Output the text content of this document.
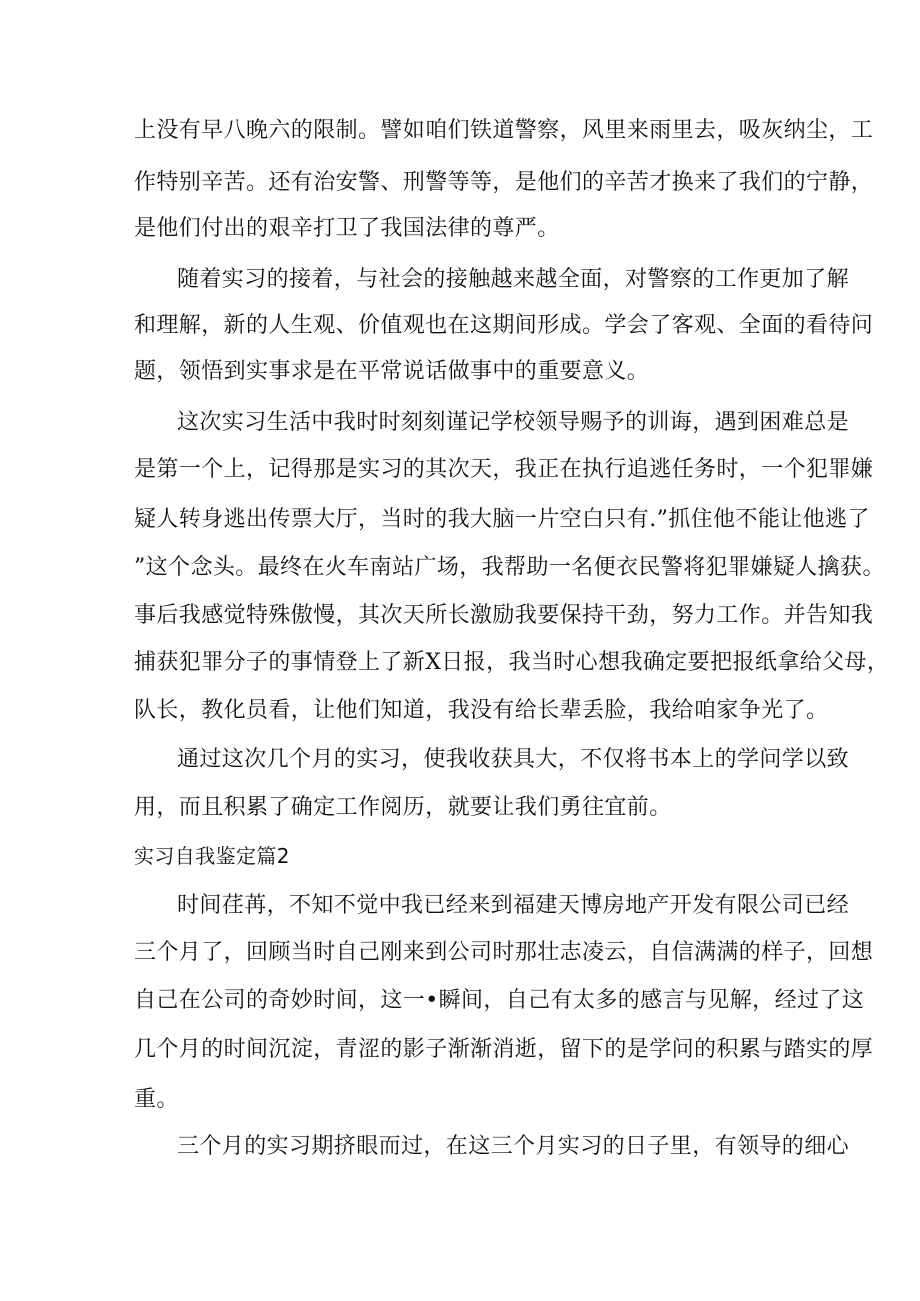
上没有早八晚六的限制。譬如咱们铁道警察，风里来雨里去，吸灰纳尘，工
作特别辛苦。还有治安警、刑警等等，是他们的辛苦才换来了我们的宁静，
是他们付出的艰辛打卫了我国法律的尊严。
随着实习的接着，与社会的接触越来越全面，对警察的工作更加了解
和理解，新的人生观、价值观也在这期间形成。学会了客观、全面的看待问
题，领悟到实事求是在平常说话做事中的重要意义。
这次实习生活中我时时刻刻谨记学校领导赐予的训诲，遇到困难总是
是第一个上，记得那是实习的其次天，我正在执行追逃任务时，一个犯罪嫌
疑人转身逃出传票大厅，当时的我大脑一片空白只有.”抓住他不能让他逃了
”这个念头。最终在火车南站广场，我帮助一名便衣民警将犯罪嫌疑人擒获。
事后我感觉特殊傲慢，其次天所长激励我要保持干劲，努力工作。并告知我
捕获犯罪分子的事情登上了新X日报，我当时心想我确定要把报纸拿给父母，
队长，教化员看，让他们知道，我没有给长辈丢脸，我给咱家争光了。
通过这次几个月的实习，使我收获具大，不仅将书本上的学问学以致
用，而且积累了确定工作阅历，就要让我们勇往宜前。
实习自我鉴定篇2
时间荏苒，不知不觉中我已经来到福建天博房地产开发有限公司已经
三个月了，回顾当时自己刚来到公司时那壮志凌云，自信满满的样子，回想
自己在公司的奇妙时间，这一•瞬间，自己有太多的感言与见解，经过了这
几个月的时间沉淀，青涩的影子渐渐消逝，留下的是学问的积累与踏实的厚
重。
三个月的实习期挤眼而过，在这三个月实习的日子里，有领导的细心
